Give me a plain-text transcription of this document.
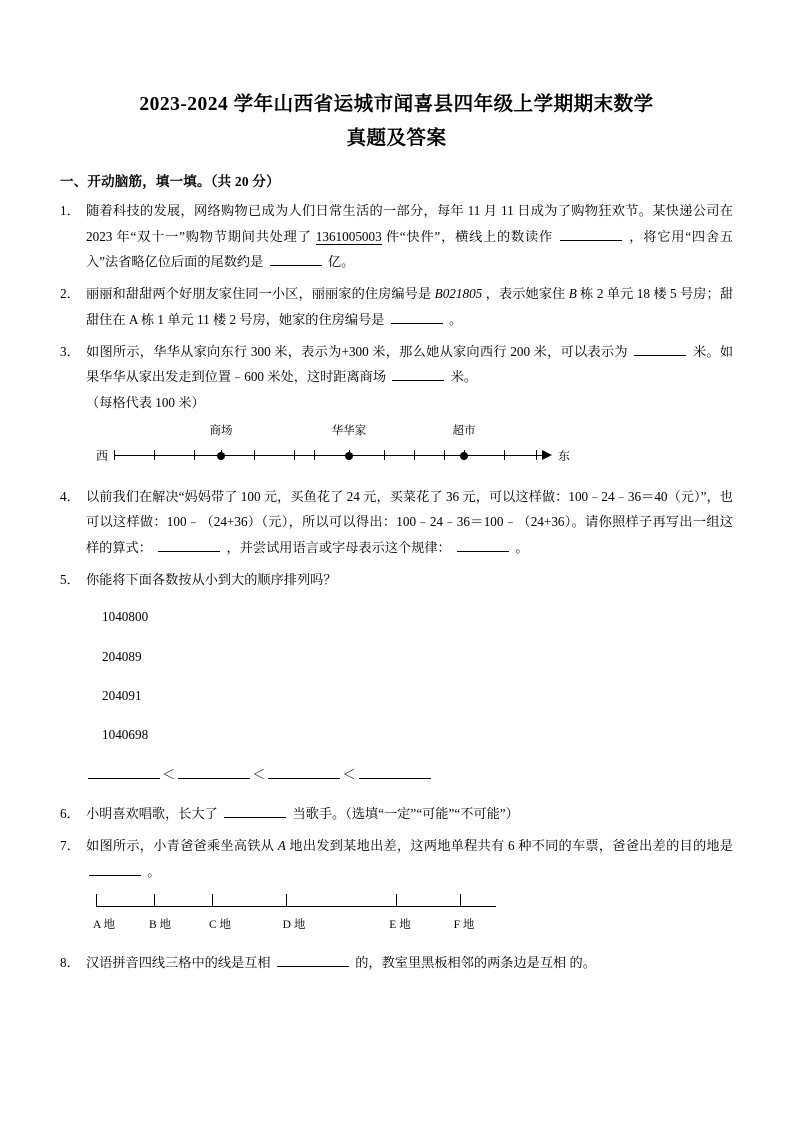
2023-2024 学年山西省运城市闻喜县四年级上学期期末数学
真题及答案
一、开动脑筋，填一填。（共 20 分）
1． 随着科技的发展，网络购物已成为人们日常生活的一部分，每年 11 月 11 日成为了购物狂欢节。某快递公司在 2023 年“双十一”购物节期间共处理了 1361005003 件“快件”，横线上的数读作	，将它用“四舍五入”法省略亿位后面的尾数约是	亿。

2． 丽丽和甜甜两个好朋友家住同一小区，丽丽家的住房编号是 B021805 ，表示她家住 B 栋 2 单元 18 楼 5 号房；甜甜住在 A 栋 1 单元 11 楼 2 号房，她家的住房编号是	。

3． 如图所示，华华从家向东行 300 米，表示为+300 米，那么她从家向西行 200 米，可以表示为	米。如果华华从家出发走到位置﹣600 米处，这时距离商场	米。

（每格代表 100 米）

商场	华华家	超市
西	东
4． 以前我们在解决“妈妈带了 100 元，买鱼花了 24 元，买菜花了 36 元，可以这样做：100﹣24﹣36＝40（元）”，也可以这样做：100﹣（24+36）（元），所以可以得出：100﹣24﹣36＝100﹣（24+36）。请你照样子再写出一组这样的算式：	，并尝试用语言或字母表示这个规律：	。

5． 你能将下面各数按从小到大的顺序排列吗？

1040800
204089
204091
1040698
＜	＜	＜
6． 小明喜欢唱歌，长大了	当歌手。（选填“一定”“可能”“不可能”）

7． 如图所示，小青爸爸乘坐高铁从 A 地出发到某地出差，这两地单程共有 6 种不同的车票，爸爸出差的目的地是  。

A 地	B 地	C 地	D 地	E 地	F 地
8． 汉语拼音四线三格中的线是互相	的，教室里黑板相邻的两条边是互相 的。
